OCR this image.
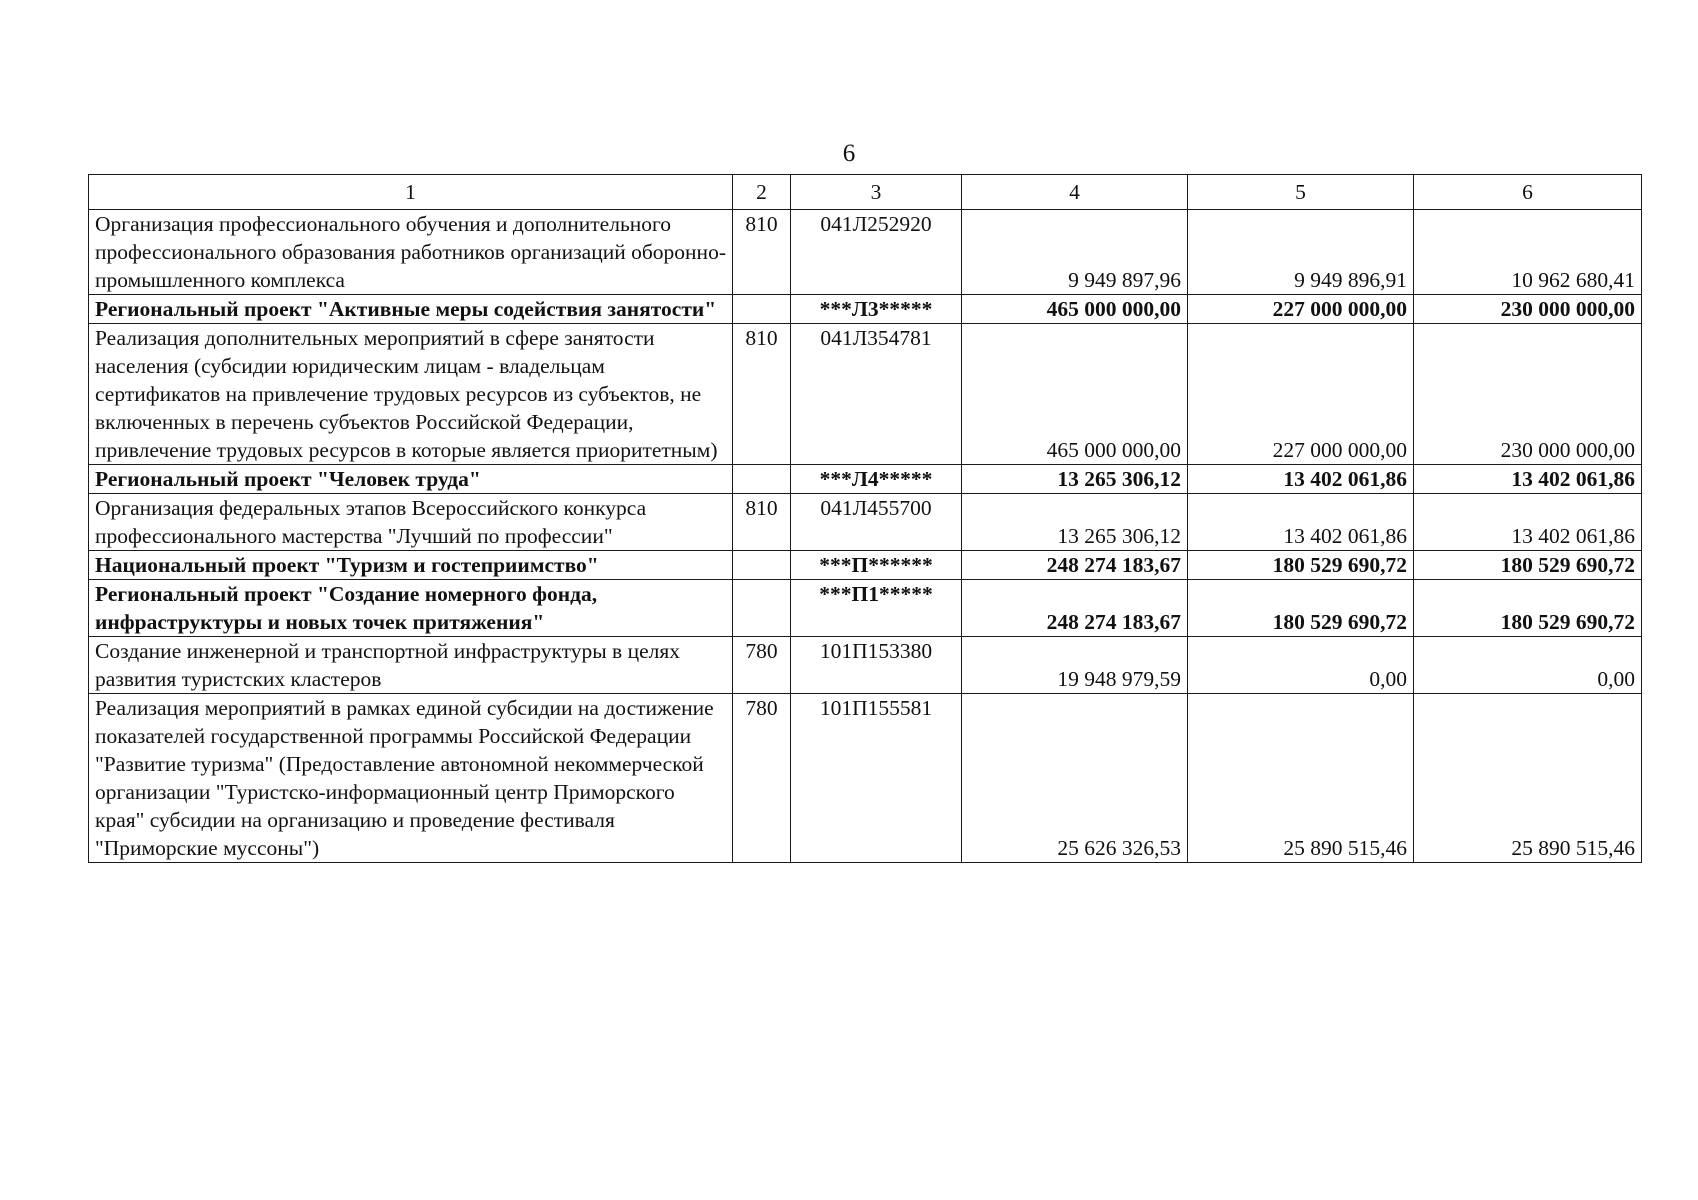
6
1	2	3	4	5	6
Организация профессионального обучения и дополнительного профессионального образования работников организаций оборонно-промышленного комплекса	810	041Л252920	9 949 897,96	9 949 896,91	10 962 680,41
Региональный проект "Активные меры содействия занятости"		***Л3*****	465 000 000,00	227 000 000,00	230 000 000,00
Реализация дополнительных мероприятий в сфере занятости населения (субсидии юридическим лицам - владельцам сертификатов на привлечение трудовых ресурсов из субъектов, не включенных в перечень субъектов Российской Федерации, привлечение трудовых ресурсов в которые является приоритетным)	810	041Л354781	465 000 000,00	227 000 000,00	230 000 000,00
Региональный проект "Человек труда"		***Л4*****	13 265 306,12	13 402 061,86	13 402 061,86
Организация федеральных этапов Всероссийского конкурса профессионального мастерства "Лучший по профессии"	810	041Л455700	13 265 306,12	13 402 061,86	13 402 061,86
Национальный проект "Туризм и гостеприимство"		***П******	248 274 183,67	180 529 690,72	180 529 690,72
Региональный проект "Создание номерного фонда, инфраструктуры и новых точек притяжения"		***П1*****	248 274 183,67	180 529 690,72	180 529 690,72
Создание инженерной и транспортной инфраструктуры в целях развития туристских кластеров	780	101П153380	19 948 979,59	0,00	0,00
Реализация мероприятий в рамках единой субсидии на достижение показателей государственной программы Российской Федерации "Развитие туризма" (Предоставление автономной некоммерческой организации "Туристско-информационный центр Приморского края" субсидии на организацию и проведение фестиваля "Приморские муссоны")	780	101П155581	25 626 326,53	25 890 515,46	25 890 515,46
